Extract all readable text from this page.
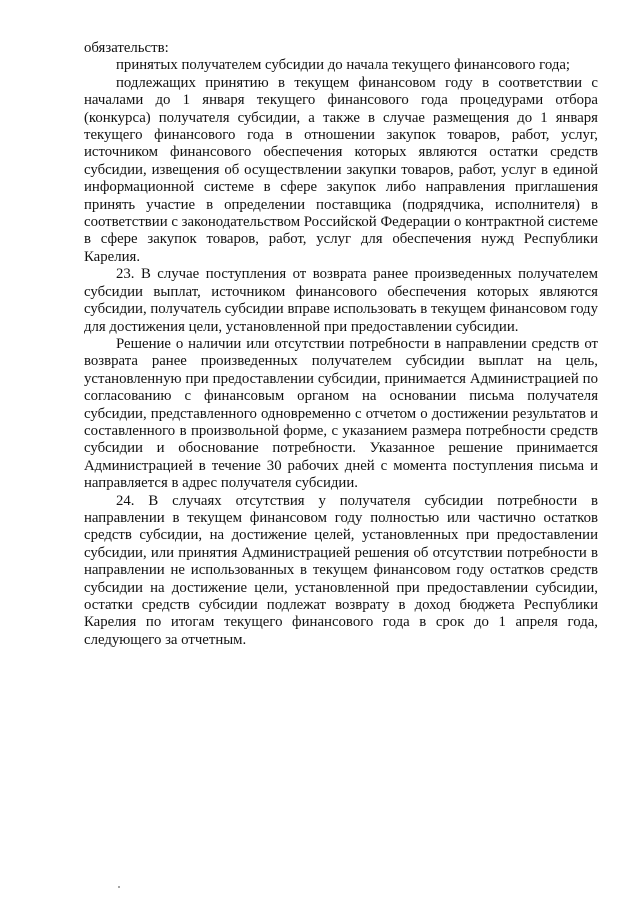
обязательств:

принятых получателем субсидии до начала текущего финансового года;

подлежащих принятию в текущем финансовом году в соответствии с началами до 1 января текущего финансового года процедурами отбора (конкурса) получателя субсидии, а также в случае размещения до 1 января текущего финансового года в отношении закупок товаров, работ, услуг, источником финансового обеспечения которых являются остатки средств субсидии, извещения об осуществлении закупки товаров, работ, услуг в единой информационной системе в сфере закупок либо направления приглашения принять участие в определении поставщика (подрядчика, исполнителя) в соответствии с законодательством Российской Федерации о контрактной системе в сфере закупок товаров, работ, услуг для обеспечения нужд Республики Карелия.

23. В случае поступления от возврата ранее произведенных получателем субсидии выплат, источником финансового обеспечения которых являются субсидии, получатель субсидии вправе использовать в текущем финансовом году для достижения цели, установленной при предоставлении субсидии.

Решение о наличии или отсутствии потребности в направлении средств от возврата ранее произведенных получателем субсидии выплат на цель, установленную при предоставлении субсидии, принимается Администрацией по согласованию с финансовым органом на основании письма получателя субсидии, представленного одновременно с отчетом о достижении результатов и составленного в произвольной форме, с указанием размера потребности средств субсидии и обоснование потребности. Указанное решение принимается Администрацией в течение 30 рабочих дней с момента поступления письма и направляется в адрес получателя субсидии.

24. В случаях отсутствия у получателя субсидии потребности в направлении в текущем финансовом году полностью или частично остатков средств субсидии, на достижение целей, установленных при предоставлении субсидии, или принятия Администрацией решения об отсутствии потребности в направлении не использованных в текущем финансовом году остатков средств субсидии на достижение цели, установленной при предоставлении субсидии, остатки средств субсидии подлежат возврату в доход бюджета Республики Карелия по итогам текущего финансового года в срок до 1 апреля года, следующего за отчетным.
